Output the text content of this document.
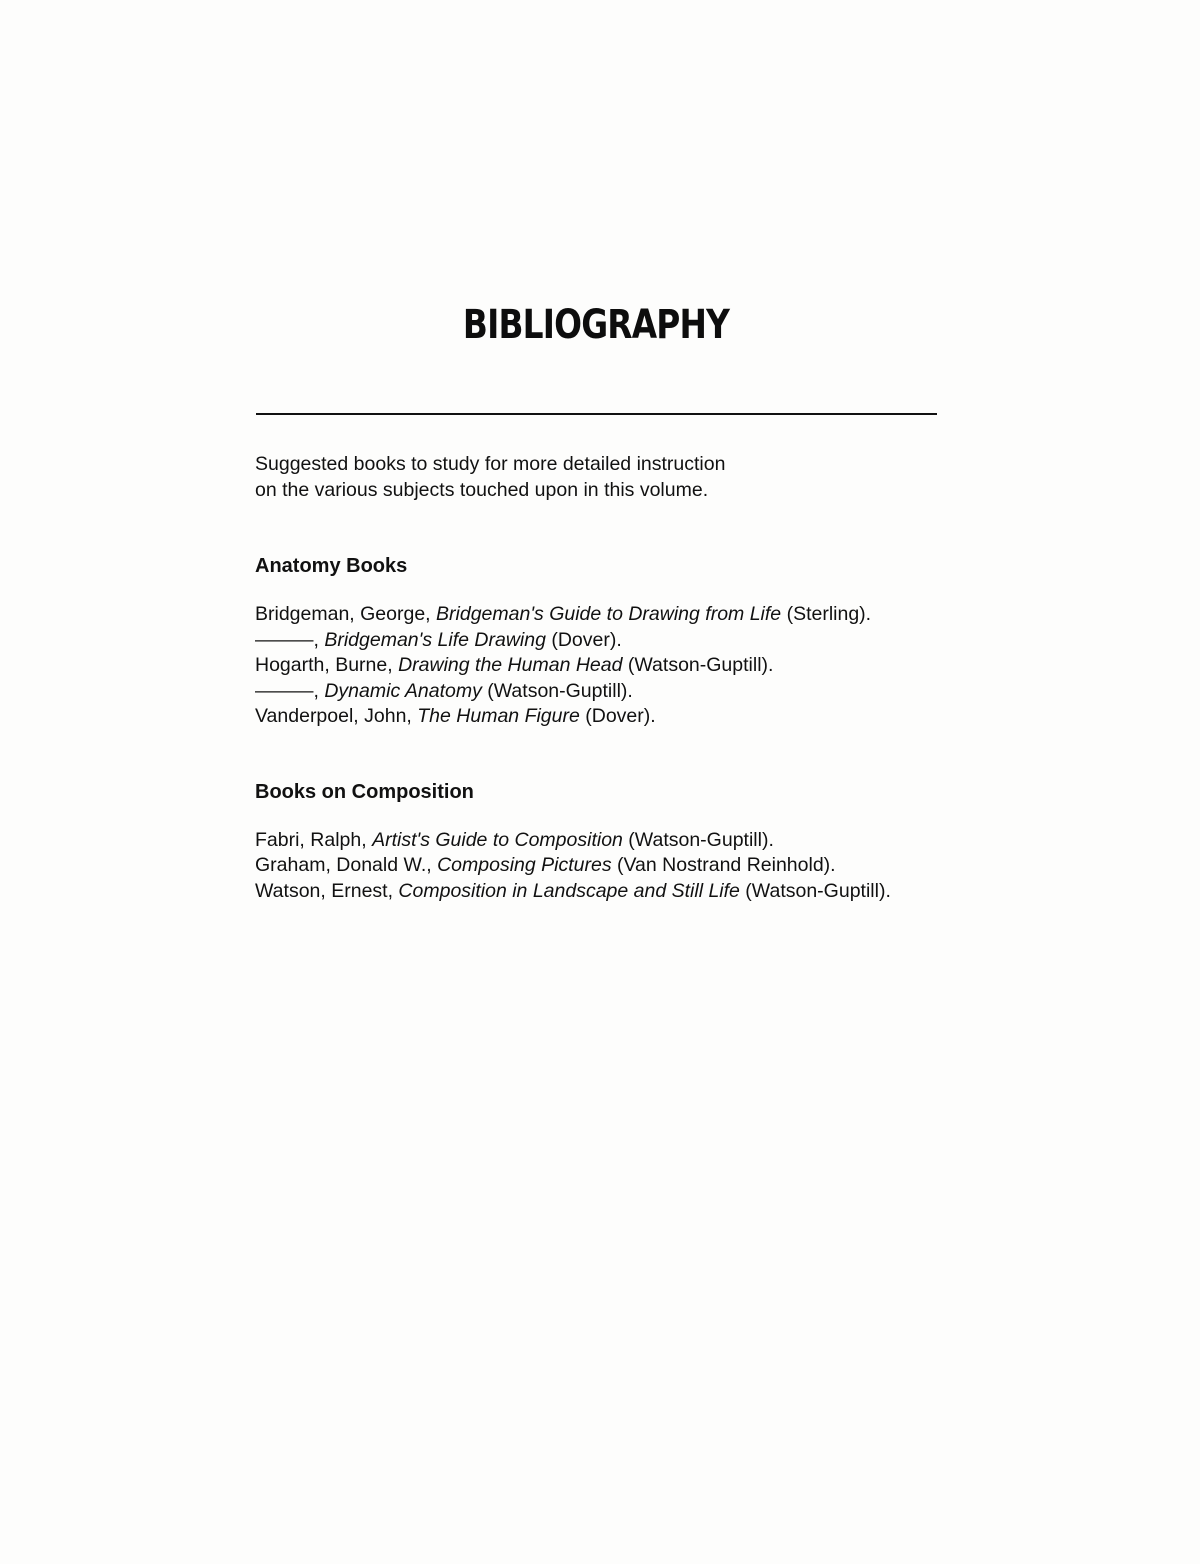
BIBLIOGRAPHY

Suggested books to study for more detailed instruction
on the various subjects touched upon in this volume.

Anatomy Books
Bridgeman, George, Bridgeman's Guide to Drawing from Life (Sterling).
———, Bridgeman's Life Drawing (Dover).
Hogarth, Burne, Drawing the Human Head (Watson-Guptill).
———, Dynamic Anatomy (Watson-Guptill).
Vanderpoel, John, The Human Figure (Dover).
Books on Composition
Fabri, Ralph, Artist's Guide to Composition (Watson-Guptill).
Graham, Donald W., Composing Pictures (Van Nostrand Reinhold).
Watson, Ernest, Composition in Landscape and Still Life (Watson-Guptill).
